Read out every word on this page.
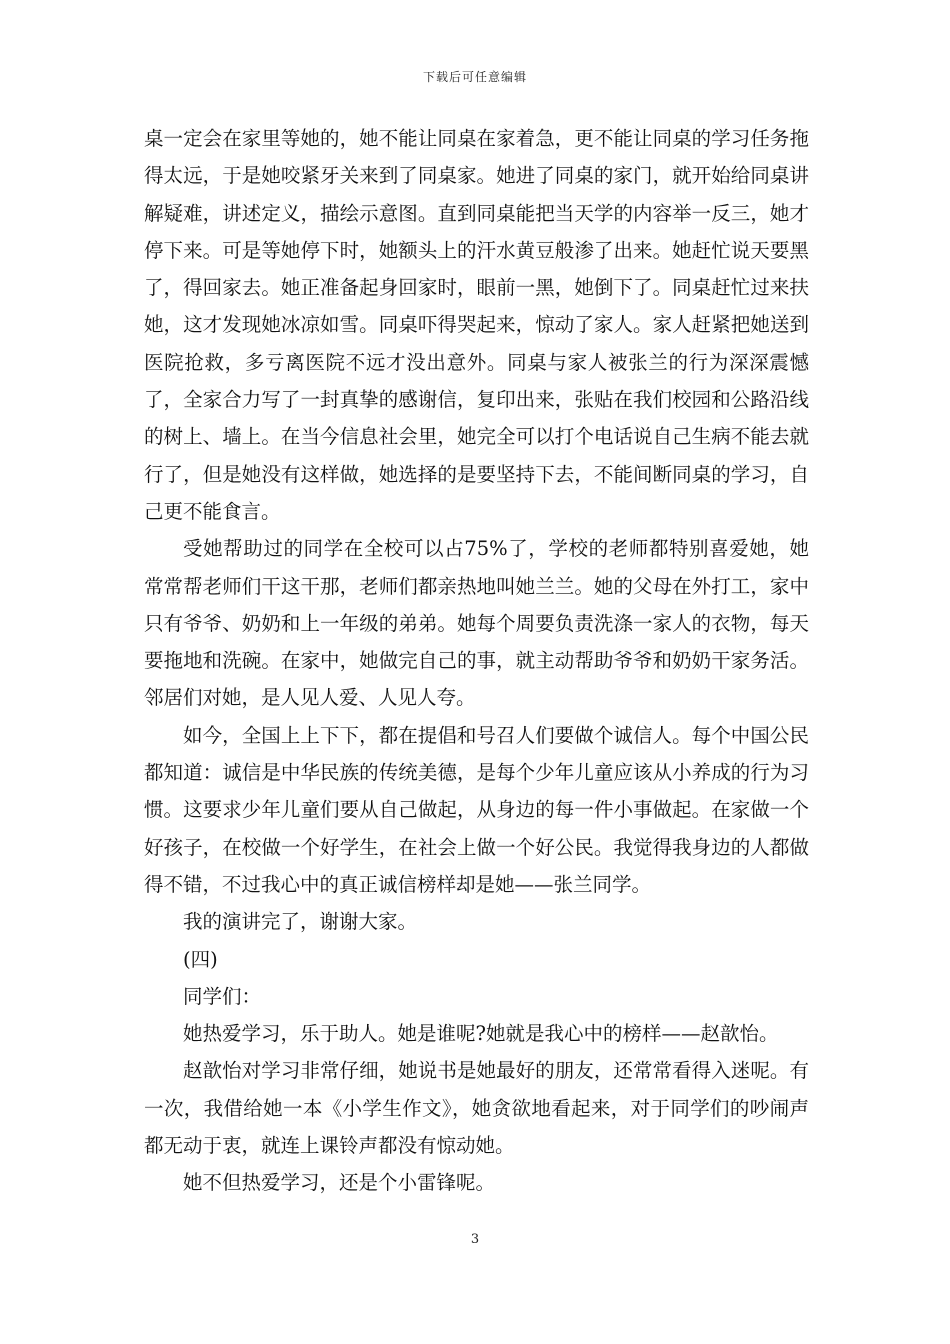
下载后可任意编辑

桌一定会在家里等她的，她不能让同桌在家着急，更不能让同桌的学习任务拖得太远，于是她咬紧牙关来到了同桌家。她进了同桌的家门，就开始给同桌讲解疑难，讲述定义，描绘示意图。直到同桌能把当天学的内容举一反三，她才停下来。可是等她停下时，她额头上的汗水黄豆般渗了出来。她赶忙说天要黑了，得回家去。她正准备起身回家时，眼前一黑，她倒下了。同桌赶忙过来扶她，这才发现她冰凉如雪。同桌吓得哭起来，惊动了家人。家人赶紧把她送到医院抢救，多亏离医院不远才没出意外。同桌与家人被张兰的行为深深震憾了，全家合力写了一封真挚的感谢信，复印出来，张贴在我们校园和公路沿线的树上、墙上。在当今信息社会里，她完全可以打个电话说自己生病不能去就行了，但是她没有这样做，她选择的是要坚持下去，不能间断同桌的学习，自己更不能食言。

受她帮助过的同学在全校可以占75%了，学校的老师都特别喜爱她，她常常帮老师们干这干那，老师们都亲热地叫她兰兰。她的父母在外打工，家中只有爷爷、奶奶和上一年级的弟弟。她每个周要负责洗涤一家人的衣物，每天要拖地和洗碗。在家中，她做完自己的事，就主动帮助爷爷和奶奶干家务活。邻居们对她，是人见人爱、人见人夸。

如今，全国上上下下，都在提倡和号召人们要做个诚信人。每个中国公民都知道：诚信是中华民族的传统美德，是每个少年儿童应该从小养成的行为习惯。这要求少年儿童们要从自己做起，从身边的每一件小事做起。在家做一个好孩子，在校做一个好学生，在社会上做一个好公民。我觉得我身边的人都做得不错，不过我心中的真正诚信榜样却是她——张兰同学。

我的演讲完了，谢谢大家。

(四)

同学们：

她热爱学习，乐于助人。她是谁呢?她就是我心中的榜样——赵歆怡。

赵歆怡对学习非常仔细，她说书是她最好的朋友，还常常看得入迷呢。有一次，我借给她一本《小学生作文》，她贪欲地看起来，对于同学们的吵闹声都无动于衷，就连上课铃声都没有惊动她。

她不但热爱学习，还是个小雷锋呢。

3
